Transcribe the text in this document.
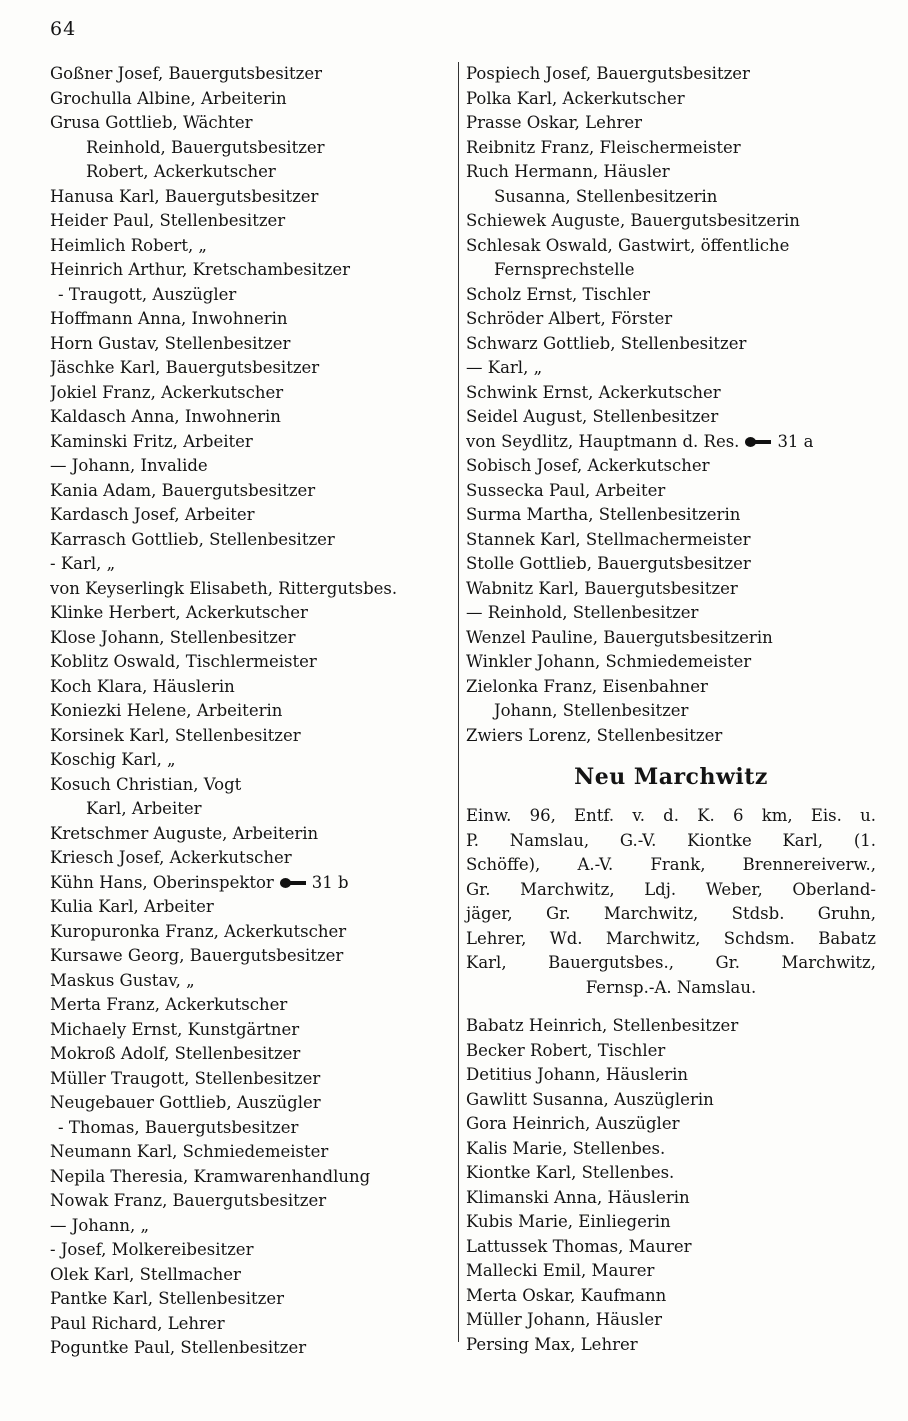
64
Goßner Josef, Bauergutsbesitzer
Grochulla Albine, Arbeiterin
Grusa Gottlieb, Wächter
Reinhold, Bauergutsbesitzer
Robert, Ackerkutscher
Hanusa Karl, Bauergutsbesitzer
Heider Paul, Stellenbesitzer
Heimlich Robert, „
Heinrich Arthur, Kretschambesitzer
- Traugott, Auszügler
Hoffmann Anna, Inwohnerin
Horn Gustav, Stellenbesitzer
Jäschke Karl, Bauergutsbesitzer
Jokiel Franz, Ackerkutscher
Kaldasch Anna, Inwohnerin
Kaminski Fritz, Arbeiter
— Johann, Invalide
Kania Adam, Bauergutsbesitzer
Kardasch Josef, Arbeiter
Karrasch Gottlieb, Stellenbesitzer
- Karl, „
von Keyserlingk Elisabeth, Rittergutsbes.
Klinke Herbert, Ackerkutscher
Klose Johann, Stellenbesitzer
Koblitz Oswald, Tischlermeister
Koch Klara, Häuslerin
Koniezki Helene, Arbeiterin
Korsinek Karl, Stellenbesitzer
Koschig Karl, „
Kosuch Christian, Vogt
Karl, Arbeiter
Kretschmer Auguste, Arbeiterin
Kriesch Josef, Ackerkutscher
Kühn Hans, Oberinspektor 31 b
Kulia Karl, Arbeiter
Kuropuronka Franz, Ackerkutscher
Kursawe Georg, Bauergutsbesitzer
Maskus Gustav, „
Merta Franz, Ackerkutscher
Michaely Ernst, Kunstgärtner
Mokroß Adolf, Stellenbesitzer
Müller Traugott, Stellenbesitzer
Neugebauer Gottlieb, Auszügler
- Thomas, Bauergutsbesitzer
Neumann Karl, Schmiedemeister
Nepila Theresia, Kramwarenhandlung
Nowak Franz, Bauergutsbesitzer
— Johann, „
- Josef, Molkereibesitzer
Olek Karl, Stellmacher
Pantke Karl, Stellenbesitzer
Paul Richard, Lehrer
Poguntke Paul, Stellenbesitzer
Pospiech Josef, Bauergutsbesitzer
Polka Karl, Ackerkutscher
Prasse Oskar, Lehrer
Reibnitz Franz, Fleischermeister
Ruch Hermann, Häusler
Susanna, Stellenbesitzerin
Schiewek Auguste, Bauergutsbesitzerin
Schlesak Oswald, Gastwirt, öffentliche
Fernsprechstelle
Scholz Ernst, Tischler
Schröder Albert, Förster
Schwarz Gottlieb, Stellenbesitzer
— Karl, „
Schwink Ernst, Ackerkutscher
Seidel August, Stellenbesitzer
von Seydlitz, Hauptmann d. Res. 31 a
Sobisch Josef, Ackerkutscher
Sussecka Paul, Arbeiter
Surma Martha, Stellenbesitzerin
Stannek Karl, Stellmachermeister
Stolle Gottlieb, Bauergutsbesitzer
Wabnitz Karl, Bauergutsbesitzer
— Reinhold, Stellenbesitzer
Wenzel Pauline, Bauergutsbesitzerin
Winkler Johann, Schmiedemeister
Zielonka Franz, Eisenbahner
Johann, Stellenbesitzer
Zwiers Lorenz, Stellenbesitzer
Neu Marchwitz
Einw. 96, Entf. v. d. K. 6 km, Eis. u.
P. Namslau, G.-V. Kiontke Karl, (1.
Schöffe), A.-V. Frank, Brennereiverw.,
Gr. Marchwitz, Ldj. Weber, Oberland-
jäger, Gr. Marchwitz, Stdsb. Gruhn,
Lehrer, Wd. Marchwitz, Schdsm. Babatz
Karl, Bauergutsbes., Gr. Marchwitz,
Fernsp.-A. Namslau.
Babatz Heinrich, Stellenbesitzer
Becker Robert, Tischler
Detitius Johann, Häuslerin
Gawlitt Susanna, Auszüglerin
Gora Heinrich, Auszügler
Kalis Marie, Stellenbes.
Kiontke Karl, Stellenbes.
Klimanski Anna, Häuslerin
Kubis Marie, Einliegerin
Lattussek Thomas, Maurer
Mallecki Emil, Maurer
Merta Oskar, Kaufmann
Müller Johann, Häusler
Persing Max, Lehrer
